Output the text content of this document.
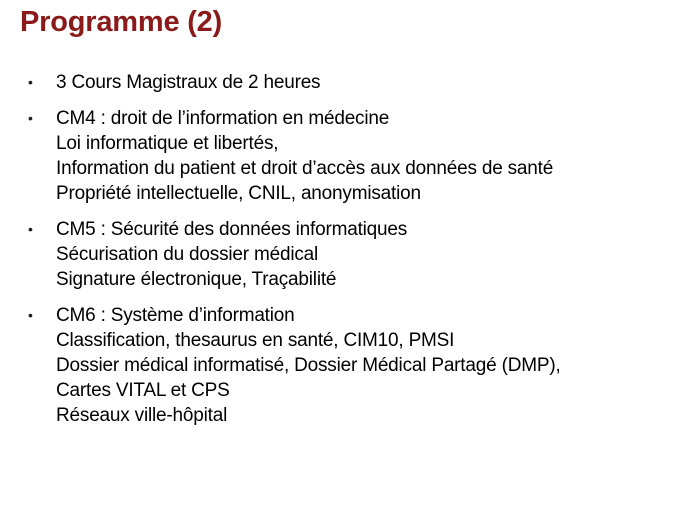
Programme (2)
• 3 Cours Magistraux de 2 heures
• CM4 : droit de l’information en médecine
Loi informatique et libertés,
Information du patient et droit d’accès aux données de santé
Propriété intellectuelle, CNIL, anonymisation
• CM5 : Sécurité des données informatiques
Sécurisation du dossier médical
Signature électronique, Traçabilité
• CM6 : Système d’information
Classification, thesaurus en santé, CIM10, PMSI
Dossier médical informatisé, Dossier Médical Partagé (DMP),
Cartes VITAL et CPS
Réseaux ville-hôpital
